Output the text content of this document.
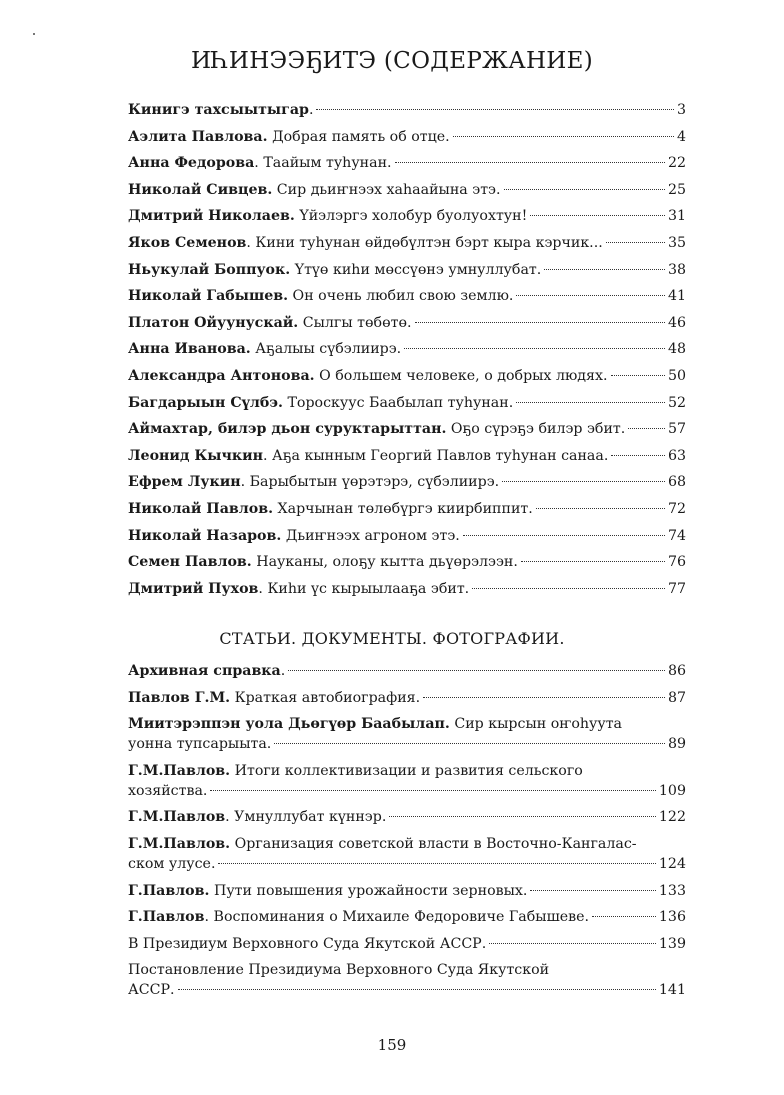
ИҺИНЭЭҔИТЭ (СОДЕРЖАНИЕ)
Кинигэ тахсыытыгар.	3
Аэлита Павлова. Добрая память об отце.	4
Анна Федорова. Таайым туһунан.	22
Николай Сивцев. Сир дьиҥнээх хаһаайына этэ.	25
Дмитрий Николаев. Үйэлэргэ холобур буолуохтун!	31
Яков Семенов. Кини туһунан өйдөбүлтэн бэрт кыра кэрчик...	35
Ньукулай Боппуок. Үтүө киһи мөссүөнэ умнуллубат.	38
Николай Габышев. Он очень любил свою землю.	41
Платон Ойуунускай. Сылгы төбөтө.	46
Анна Иванова. Аҕалыы сүбэлиирэ.	48
Александра Антонова. О большем человеке, о добрых людях.	50
Багдарыын Сүлбэ. Тороскуус Баабылап туһунан.	52
Аймахтар, билэр дьон суруктарыттан. Оҕо сүрэҕэ билэр эбит.	57
Леонид Кычкин. Аҕа кынным Георгий Павлов туһунан санаа.	63
Ефрем Лукин. Барыбытын үөрэтэрэ, сүбэлиирэ.	68
Николай Павлов. Харчынан төлөбүргэ киирбиппит.	72
Николай Назаров. Дьиҥнээх агроном этэ.	74
Семен Павлов. Науканы, олоҕу кытта дьүөрэлээн.	76
Дмитрий Пухов. Киһи үс кырыылааҕа эбит.	77
СТАТЬИ. ДОКУМЕНТЫ. ФОТОГРАФИИ.
Архивная справка.	86
Павлов Г.М. Краткая автобиография.	87
Миитэрэппэн уола Дьөгүөр Баабылап. Сир кырсын оҥоһуута
уонна тупсарыыта.	89
Г.М.Павлов. Итоги коллективизации и развития сельского
хозяйства.	109
Г.М.Павлов. Умнуллубат күннэр.	122
Г.М.Павлов. Организация советской власти в Восточно-Кангалас-
ском улусе.	124
Г.Павлов. Пути повышения урожайности зерновых.	133
Г.Павлов. Воспоминания о Михаиле Федоровиче Габышеве.	136
В Президиум Верховного Суда Якутской АССР.	139
Постановление Президиума Верховного Суда Якутской
АССР.	141
159
